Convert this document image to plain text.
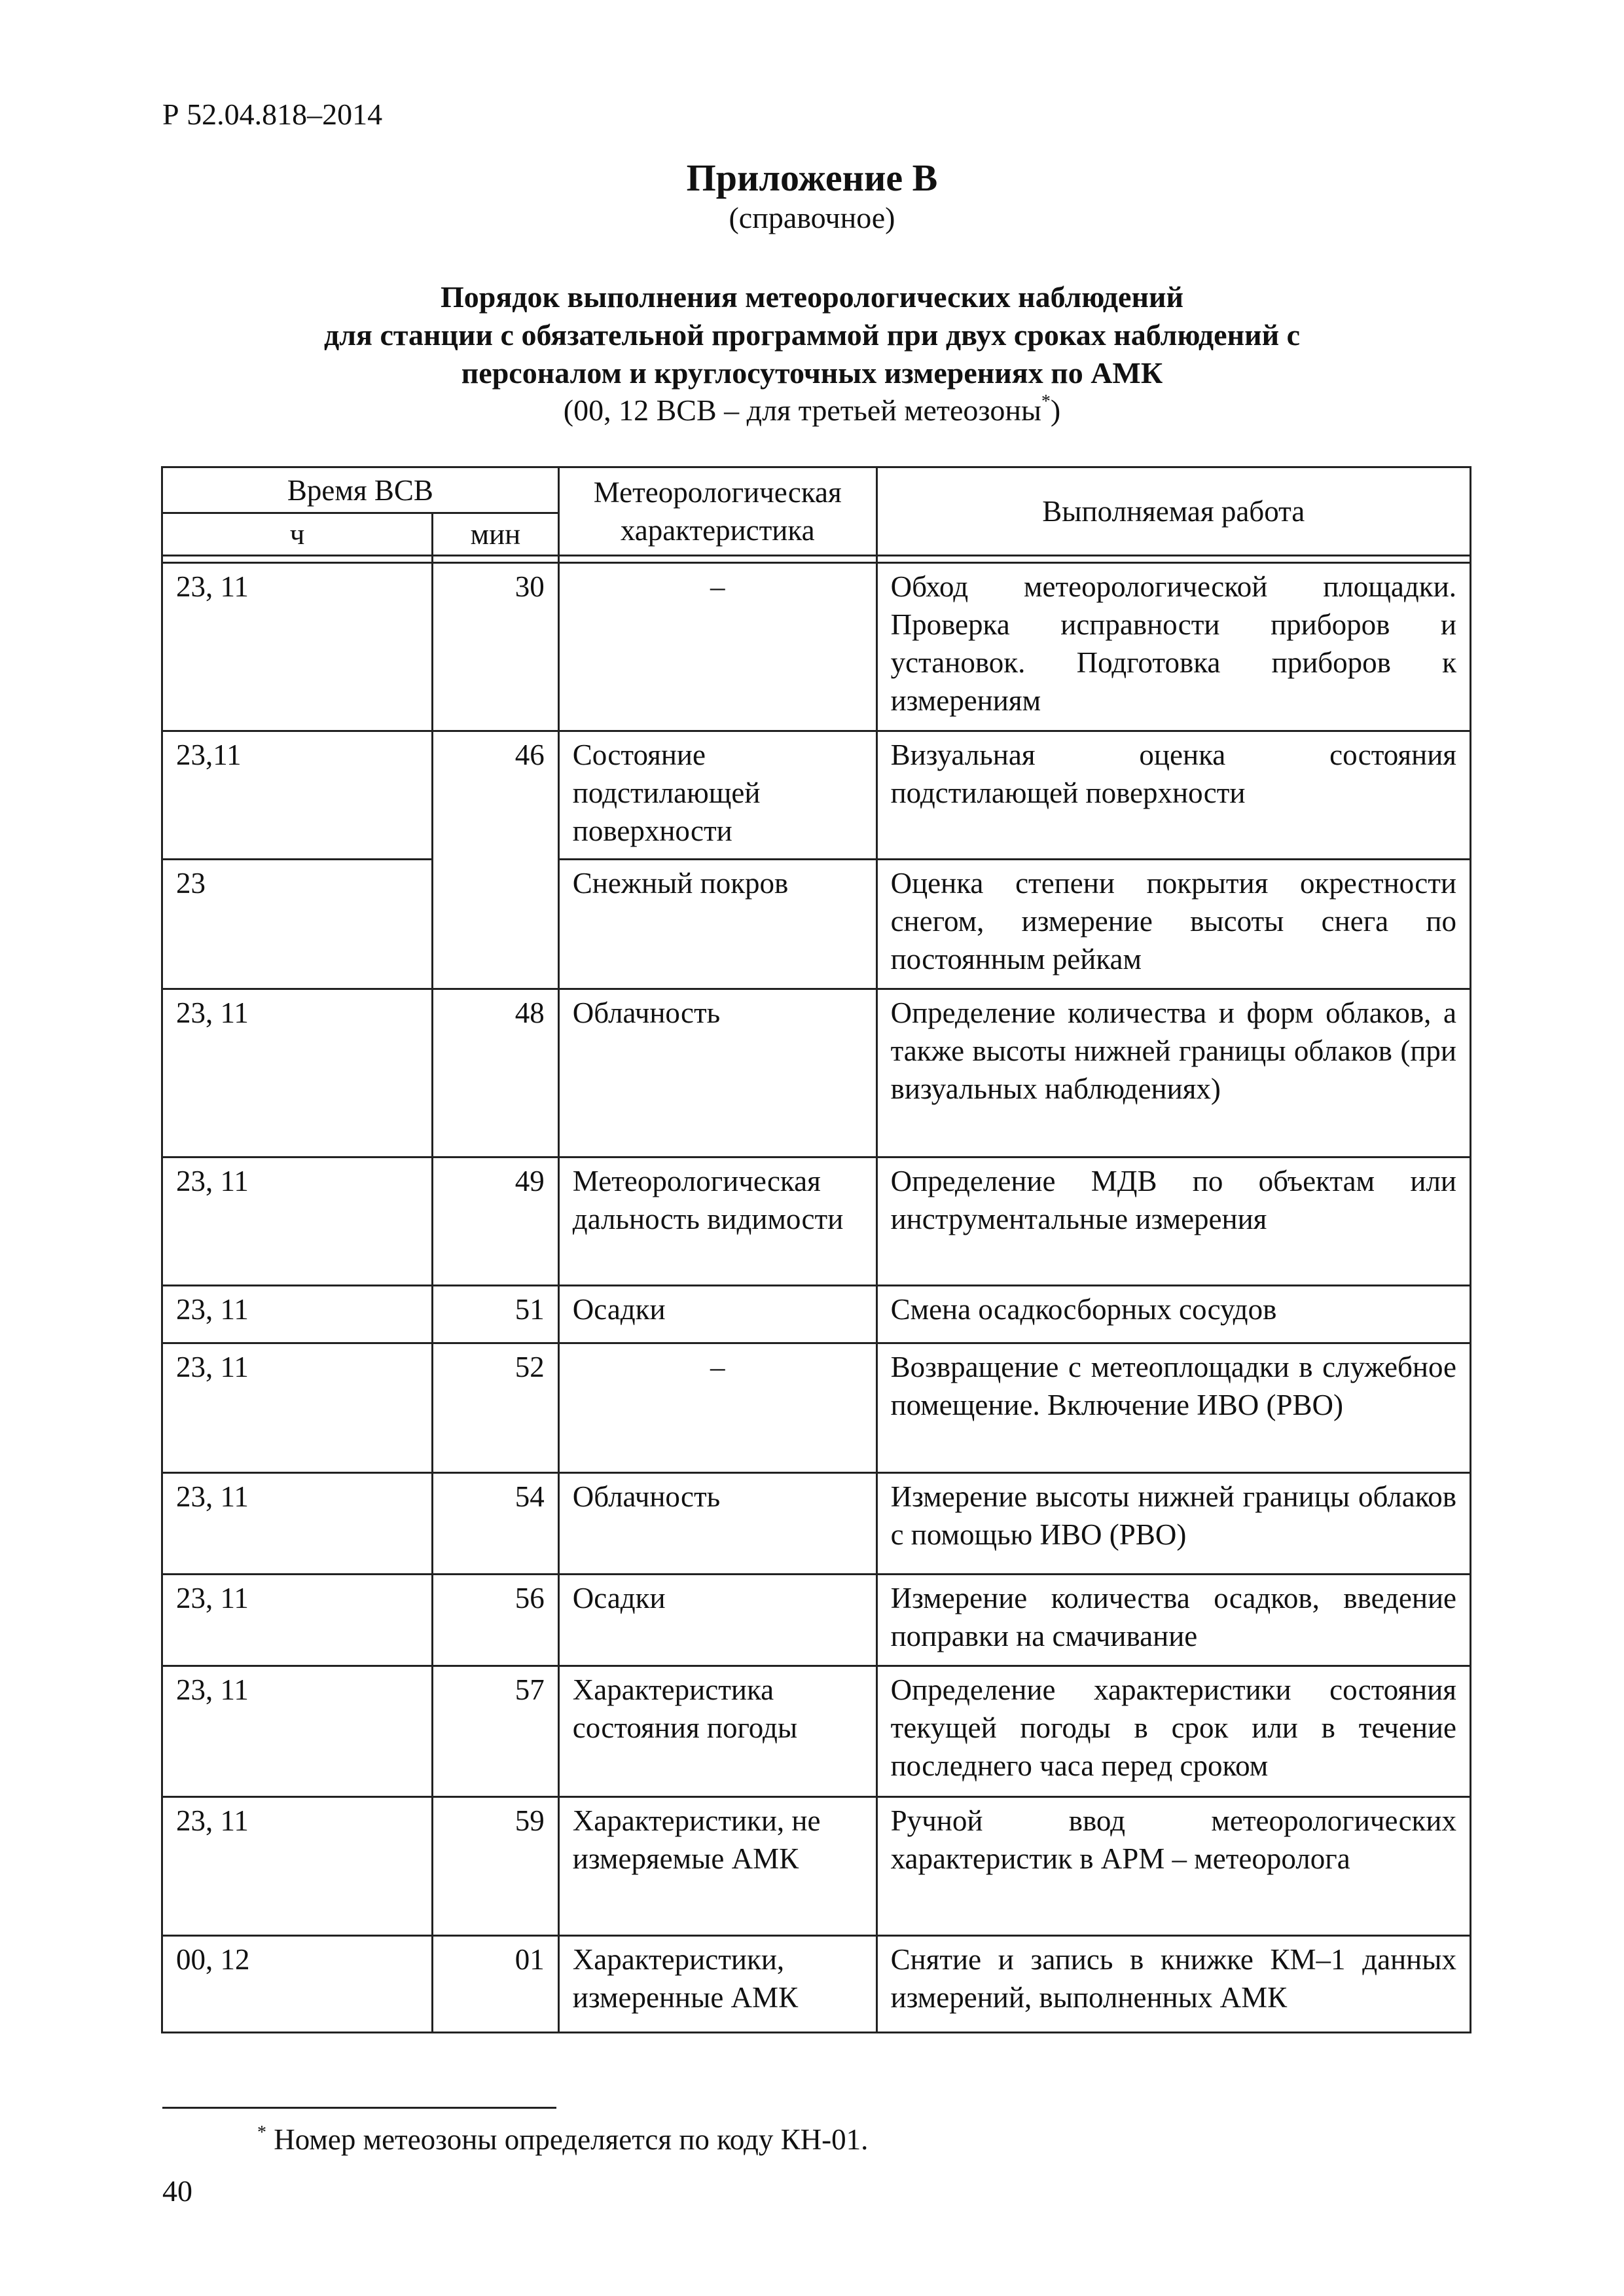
Р 52.04.818–2014
Приложение В
(справочное)
Порядок выполнения метеорологических наблюдений
для станции с обязательной программой при двух сроках наблюдений с
персоналом и круглосуточных измерениях по АМК
(00, 12 ВСВ – для третьей метеозоны*)
Время ВСВ		Метеорологическая характеристика	Выполняемая работа
ч	мин		

23, 11	30	–	Обход метеорологической площадки. Проверка исправности приборов и установок. Подготовка приборов к измерениям
23,11	46	Состояние подстилающей поверхности	Визуальная оценка состояния подстилающей поверхности
23		Снежный покров	Оценка степени покрытия окрестности снегом, измерение высоты снега по постоянным рейкам
23, 11	48	Облачность	Определение количества и форм облаков, а также высоты нижней границы облаков (при визуальных наблюдениях)
23, 11	49	Метеорологическая дальность видимости	Определение МДВ по объектам или инструментальные измерения
23, 11	51	Осадки	Смена осадкосборных сосудов
23, 11	52	–	Возвращение с метеоплощадки в служебное помещение. Включение ИВО (РВО)
23, 11	54	Облачность	Измерение высоты нижней границы облаков с помощью ИВО (РВО)
23, 11	56	Осадки	Измерение количества осадков, введение поправки на смачивание
23, 11	57	Характеристика состояния погоды	Определение характеристики состояния текущей погоды в срок или в течение последнего часа перед сроком
23, 11	59	Характеристики, не измеряемые АМК	Ручной ввод метеорологических характеристик в АРМ – метеоролога
00, 12	01	Характеристики, измеренные АМК	Снятие и запись в книжке КМ–1 данных измерений, выполненных АМК
* Номер метеозоны определяется по коду КН-01.
40
